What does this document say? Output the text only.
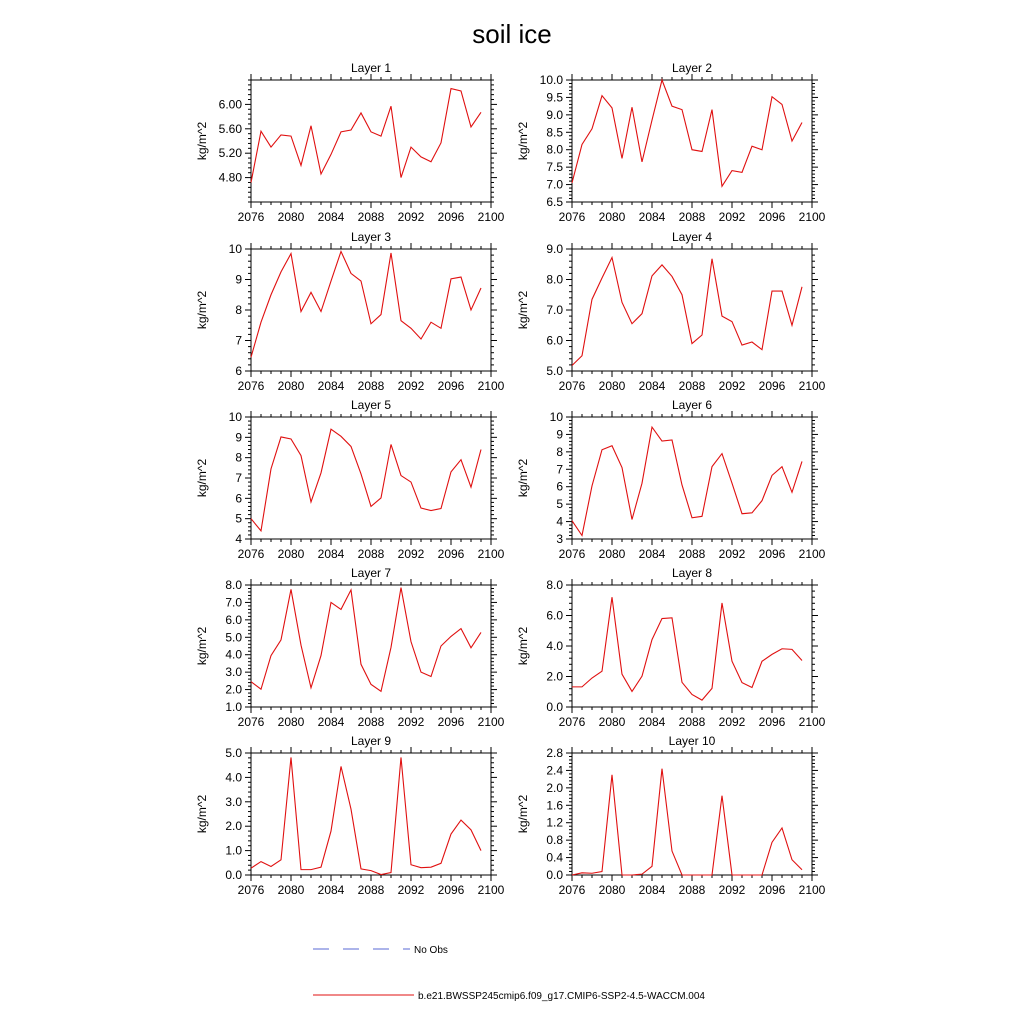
soil ice
Layer 1
2076 2080 2084 2088 2092 2096 2100
4.80
5.20
5.60
6.00
kg/m^2
Layer 2
2076 2080 2084 2088 2092 2096 2100
6.5
7.0
7.5
8.0
8.5
9.0
9.5
10.0
kg/m^2
Layer 3
2076 2080 2084 2088 2092 2096 2100
6
7
8
9
10
kg/m^2
Layer 4
2076 2080 2084 2088 2092 2096 2100
5.0
6.0
7.0
8.0
9.0
kg/m^2
Layer 5
2076 2080 2084 2088 2092 2096 2100
4
5
6
7
8
9
10
kg/m^2
Layer 6
2076 2080 2084 2088 2092 2096 2100
3
4
5
6
7
8
9
10
kg/m^2
Layer 7
2076 2080 2084 2088 2092 2096 2100
1.0
2.0
3.0
4.0
5.0
6.0
7.0
8.0
kg/m^2
Layer 8
2076 2080 2084 2088 2092 2096 2100
0.0
2.0
4.0
6.0
8.0
kg/m^2
Layer 9
2076 2080 2084 2088 2092 2096 2100
0.0
1.0
2.0
3.0
4.0
5.0
kg/m^2
Layer 10
2076 2080 2084 2088 2092 2096 2100
0.0
0.4
0.8
1.2
1.6
2.0
2.4
2.8
kg/m^2
No Obs
b.e21.BWSSP245cmip6.f09_g17.CMIP6-SSP2-4.5-WACCM.004
